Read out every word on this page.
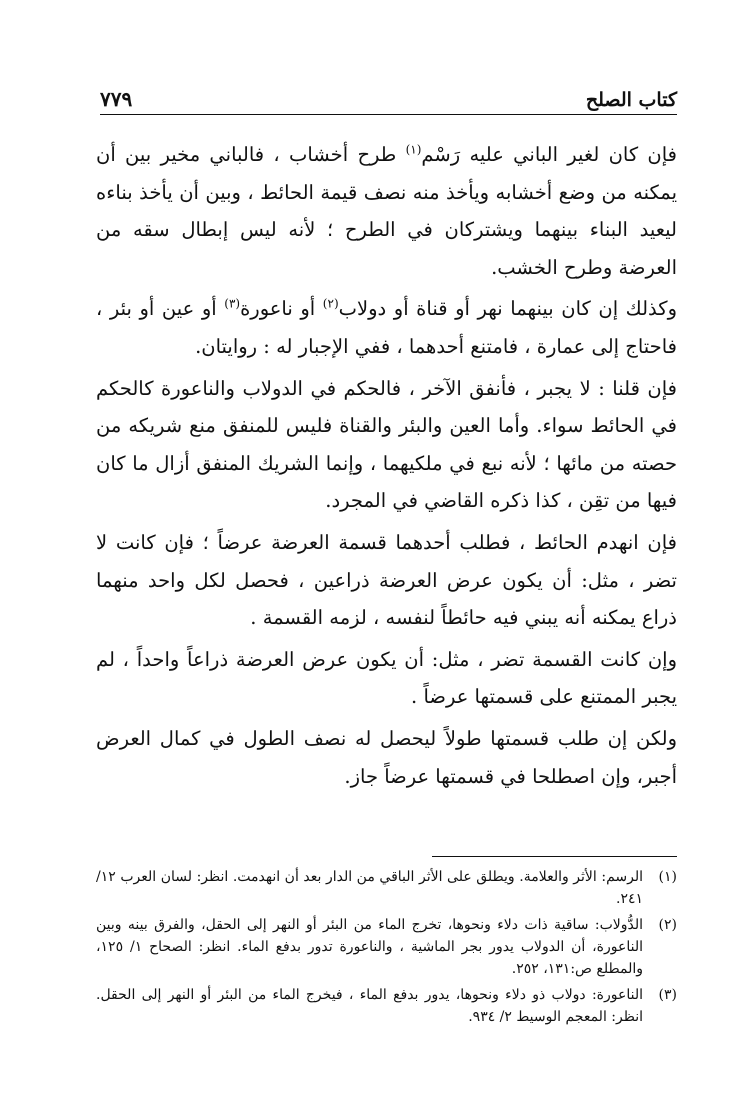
كتاب الصلح
٧٧٩

فإن كان لغير الباني عليه رَسْم$^{(١)}$ طرح أخشاب ، فالباني مخير بين أن يمكنه من وضع أخشابه ويأخذ منه نصف قيمة الحائط ، وبين أن يأخذ بناءه ليعيد البناء بينهما ويشتركان في الطرح ؛ لأنه ليس إبطال سقه من العرضة وطرح الخشب.

وكذلك إن كان بينهما نهر أو قناة أو دولاب$^{(٢)}$ أو ناعورة$^{(٣)}$ أو عين أو بئر ، فاحتاج إلى عمارة ، فامتنع أحدهما ، ففي الإجبار له : روايتان.

فإن قلنا : لا يجبر ، فأنفق الآخر ، فالحكم في الدولاب والناعورة كالحكم في الحائط سواء. وأما العين والبئر والقناة فليس للمنفق منع شريكه من حصته من مائها ؛ لأنه نبع في ملكيهما ، وإنما الشريك المنفق أزال ما كان فيها من تقِن ، كذا ذكره القاضي في المجرد.

فإن انهدم الحائط ، فطلب أحدهما قسمة العرضة عرضاً ؛ فإن كانت لا تضر ، مثل: أن يكون عرض العرضة ذراعين ، فحصل لكل واحد منهما ذراع يمكنه أنه يبني فيه حائطاً لنفسه ، لزمه القسمة .

وإن كانت القسمة تضر ، مثل: أن يكون عرض العرضة ذراعاً واحداً ، لم يجبر الممتنع على قسمتها عرضاً .

ولكن إن طلب قسمتها طولاً ليحصل له نصف الطول في كمال العرض أجبر، وإن اصطلحا في قسمتها عرضاً جاز.

(١)
الرسم: الأثر والعلامة. ويطلق على الأثر الباقي من الدار بعد أن انهدمت. انظر: لسان العرب ١٢/ ٢٤١.
(٢)
الدُّولاب: ساقية ذات دلاء ونحوها، تخرج الماء من البئر أو النهر إلى الحقل، والفرق بينه وبين الناعورة، أن الدولاب يدور بجر الماشية ، والناعورة تدور بدفع الماء. انظر: الصحاح ١/ ١٢٥، والمطلع ص:١٣١، ٢٥٢.
(٣)
الناعورة: دولاب ذو دلاء ونحوها، يدور بدفع الماء ، فيخرج الماء من البئر أو النهر إلى الحقل. انظر: المعجم الوسيط ٢/ ٩٣٤.
